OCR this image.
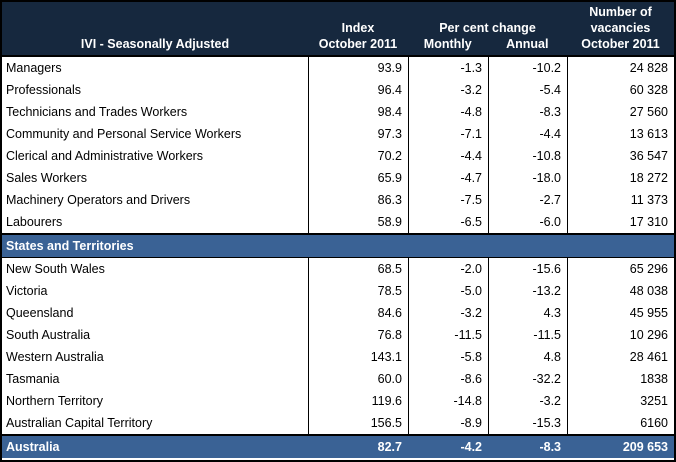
IVI - Seasonally Adjusted
Index
October 2011
Per cent change
Monthly	Annual
Number of
vacancies
October 2011
Managers	93.9	-1.3	-10.2	24 828
Professionals	96.4	-3.2	-5.4	60 328
Technicians and Trades Workers	98.4	-4.8	-8.3	27 560
Community and Personal Service Workers	97.3	-7.1	-4.4	13 613
Clerical and Administrative Workers	70.2	-4.4	-10.8	36 547
Sales Workers	65.9	-4.7	-18.0	18 272
Machinery Operators and Drivers	86.3	-7.5	-2.7	11 373
Labourers	58.9	-6.5	-6.0	17 310
States and Territories
New South Wales	68.5	-2.0	-15.6	65 296
Victoria	78.5	-5.0	-13.2	48 038
Queensland	84.6	-3.2	4.3	45 955
South Australia	76.8	-11.5	-11.5	10 296
Western Australia	143.1	-5.8	4.8	28 461
Tasmania	60.0	-8.6	-32.2	1838
Northern Territory	119.6	-14.8	-3.2	3251
Australian Capital Territory	156.5	-8.9	-15.3	6160
Australia	82.7	-4.2	-8.3	209 653
